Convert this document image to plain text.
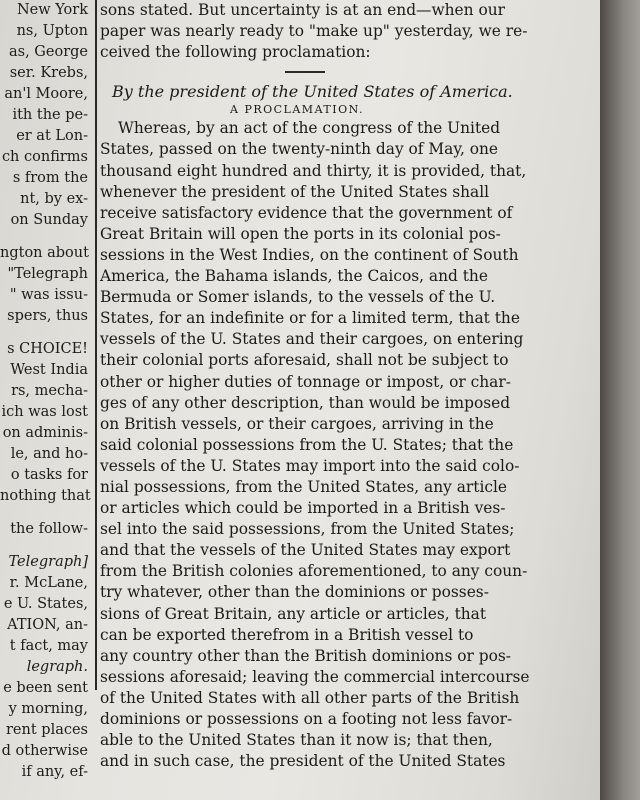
New York
ns, Upton
as, George
ser. Krebs,
an'l Moore,
ith the pe-
er at Lon-
ch confirms
s from the
nt, by ex-
on Sunday
ngton about
"Telegraph
" was issu-
spers, thus
s CHOICE!
West India
rs, mecha-
ich was lost
on adminis-
le, and ho-
o tasks for
nothing that
the follow-
Telegraph]
r. McLane,
e U. States,
ATION, an-
t fact, may
legraph.
e been sent
y morning,
rent places
d otherwise
if any, ef-
sons stated. But uncertainty is at an end—when our
paper was nearly ready to "make up" yesterday, we re-
ceived the following proclamation:
By the president of the United States of America.
A PROCLAMATION.
Whereas, by an act of the congress of the United
States, passed on the twenty-ninth day of May, one
thousand eight hundred and thirty, it is provided, that,
whenever the president of the United States shall
receive satisfactory evidence that the government of
Great Britain will open the ports in its colonial pos-
sessions in the West Indies, on the continent of South
America, the Bahama islands, the Caicos, and the
Bermuda or Somer islands, to the vessels of the U.
States, for an indefinite or for a limited term, that the
vessels of the U. States and their cargoes, on entering
their colonial ports aforesaid, shall not be subject to
other or higher duties of tonnage or impost, or char-
ges of any other description, than would be imposed
on British vessels, or their cargoes, arriving in the
said colonial possessions from the U. States; that the
vessels of the U. States may import into the said colo-
nial possessions, from the United States, any article
or articles which could be imported in a British ves-
sel into the said possessions, from the United States;
and that the vessels of the United States may export
from the British colonies aforementioned, to any coun-
try whatever, other than the dominions or posses-
sions of Great Britain, any article or articles, that
can be exported therefrom in a British vessel to
any country other than the British dominions or pos-
sessions aforesaid; leaving the commercial intercourse
of the United States with all other parts of the British
dominions or possessions on a footing not less favor-
able to the United States than it now is; that then,
and in such case, the president of the United States
